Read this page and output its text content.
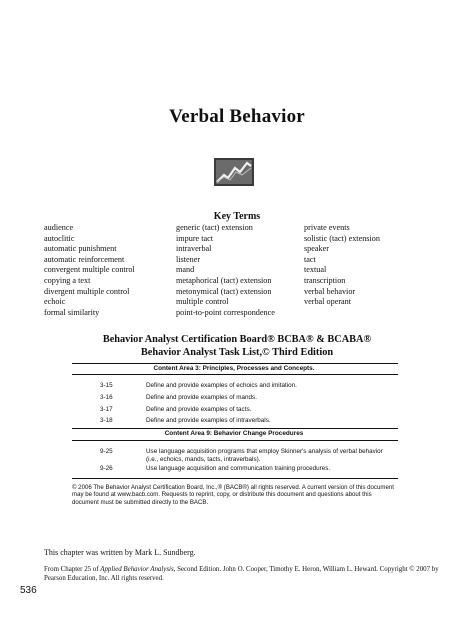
Verbal Behavior
Key Terms
audience
autoclitic
automatic punishment
automatic reinforcement
convergent multiple control
copying a text
divergent multiple control
echoic
formal similarity
generic (tact) extension
impure tact
intraverbal
listener
mand
metaphorical (tact) extension
metonymical (tact) extension
multiple control
point-to-point correspondence
private events
solistic (tact) extension
speaker
tact
textual
transcription
verbal behavior
verbal operant
Behavior Analyst Certification Board® BCBA® & BCABA®
Behavior Analyst Task List,© Third Edition
Content Area 3: Principles, Processes and Concepts.
3-15	Define and provide examples of echoics and imitation.
3-16	Define and provide examples of mands.
3-17	Define and provide examples of tacts.
3-18	Define and provide examples of intraverbals.
Content Area 9: Behavior Change Procedures
9-25	Use language acquisition programs that employ Skinner's analysis of verbal behavior (i.e., echoics, mands, tacts, intraverbals).
9-26	Use language acquisition and communication training procedures.
© 2006 The Behavior Analyst Certification Board, Inc.,® (BACB®) all rights reserved. A current version of this document may be found at www.bacb.com. Requests to reprint, copy, or distribute this document and questions about this document must be submitted directly to the BACB.
This chapter was written by Mark L. Sundberg.
From Chapter 25 of Applied Behavior Analysis, Second Edition. John O. Cooper, Timothy E. Heron, William L. Heward. Copyright © 2007 by Pearson Education, Inc. All rights reserved.
536
